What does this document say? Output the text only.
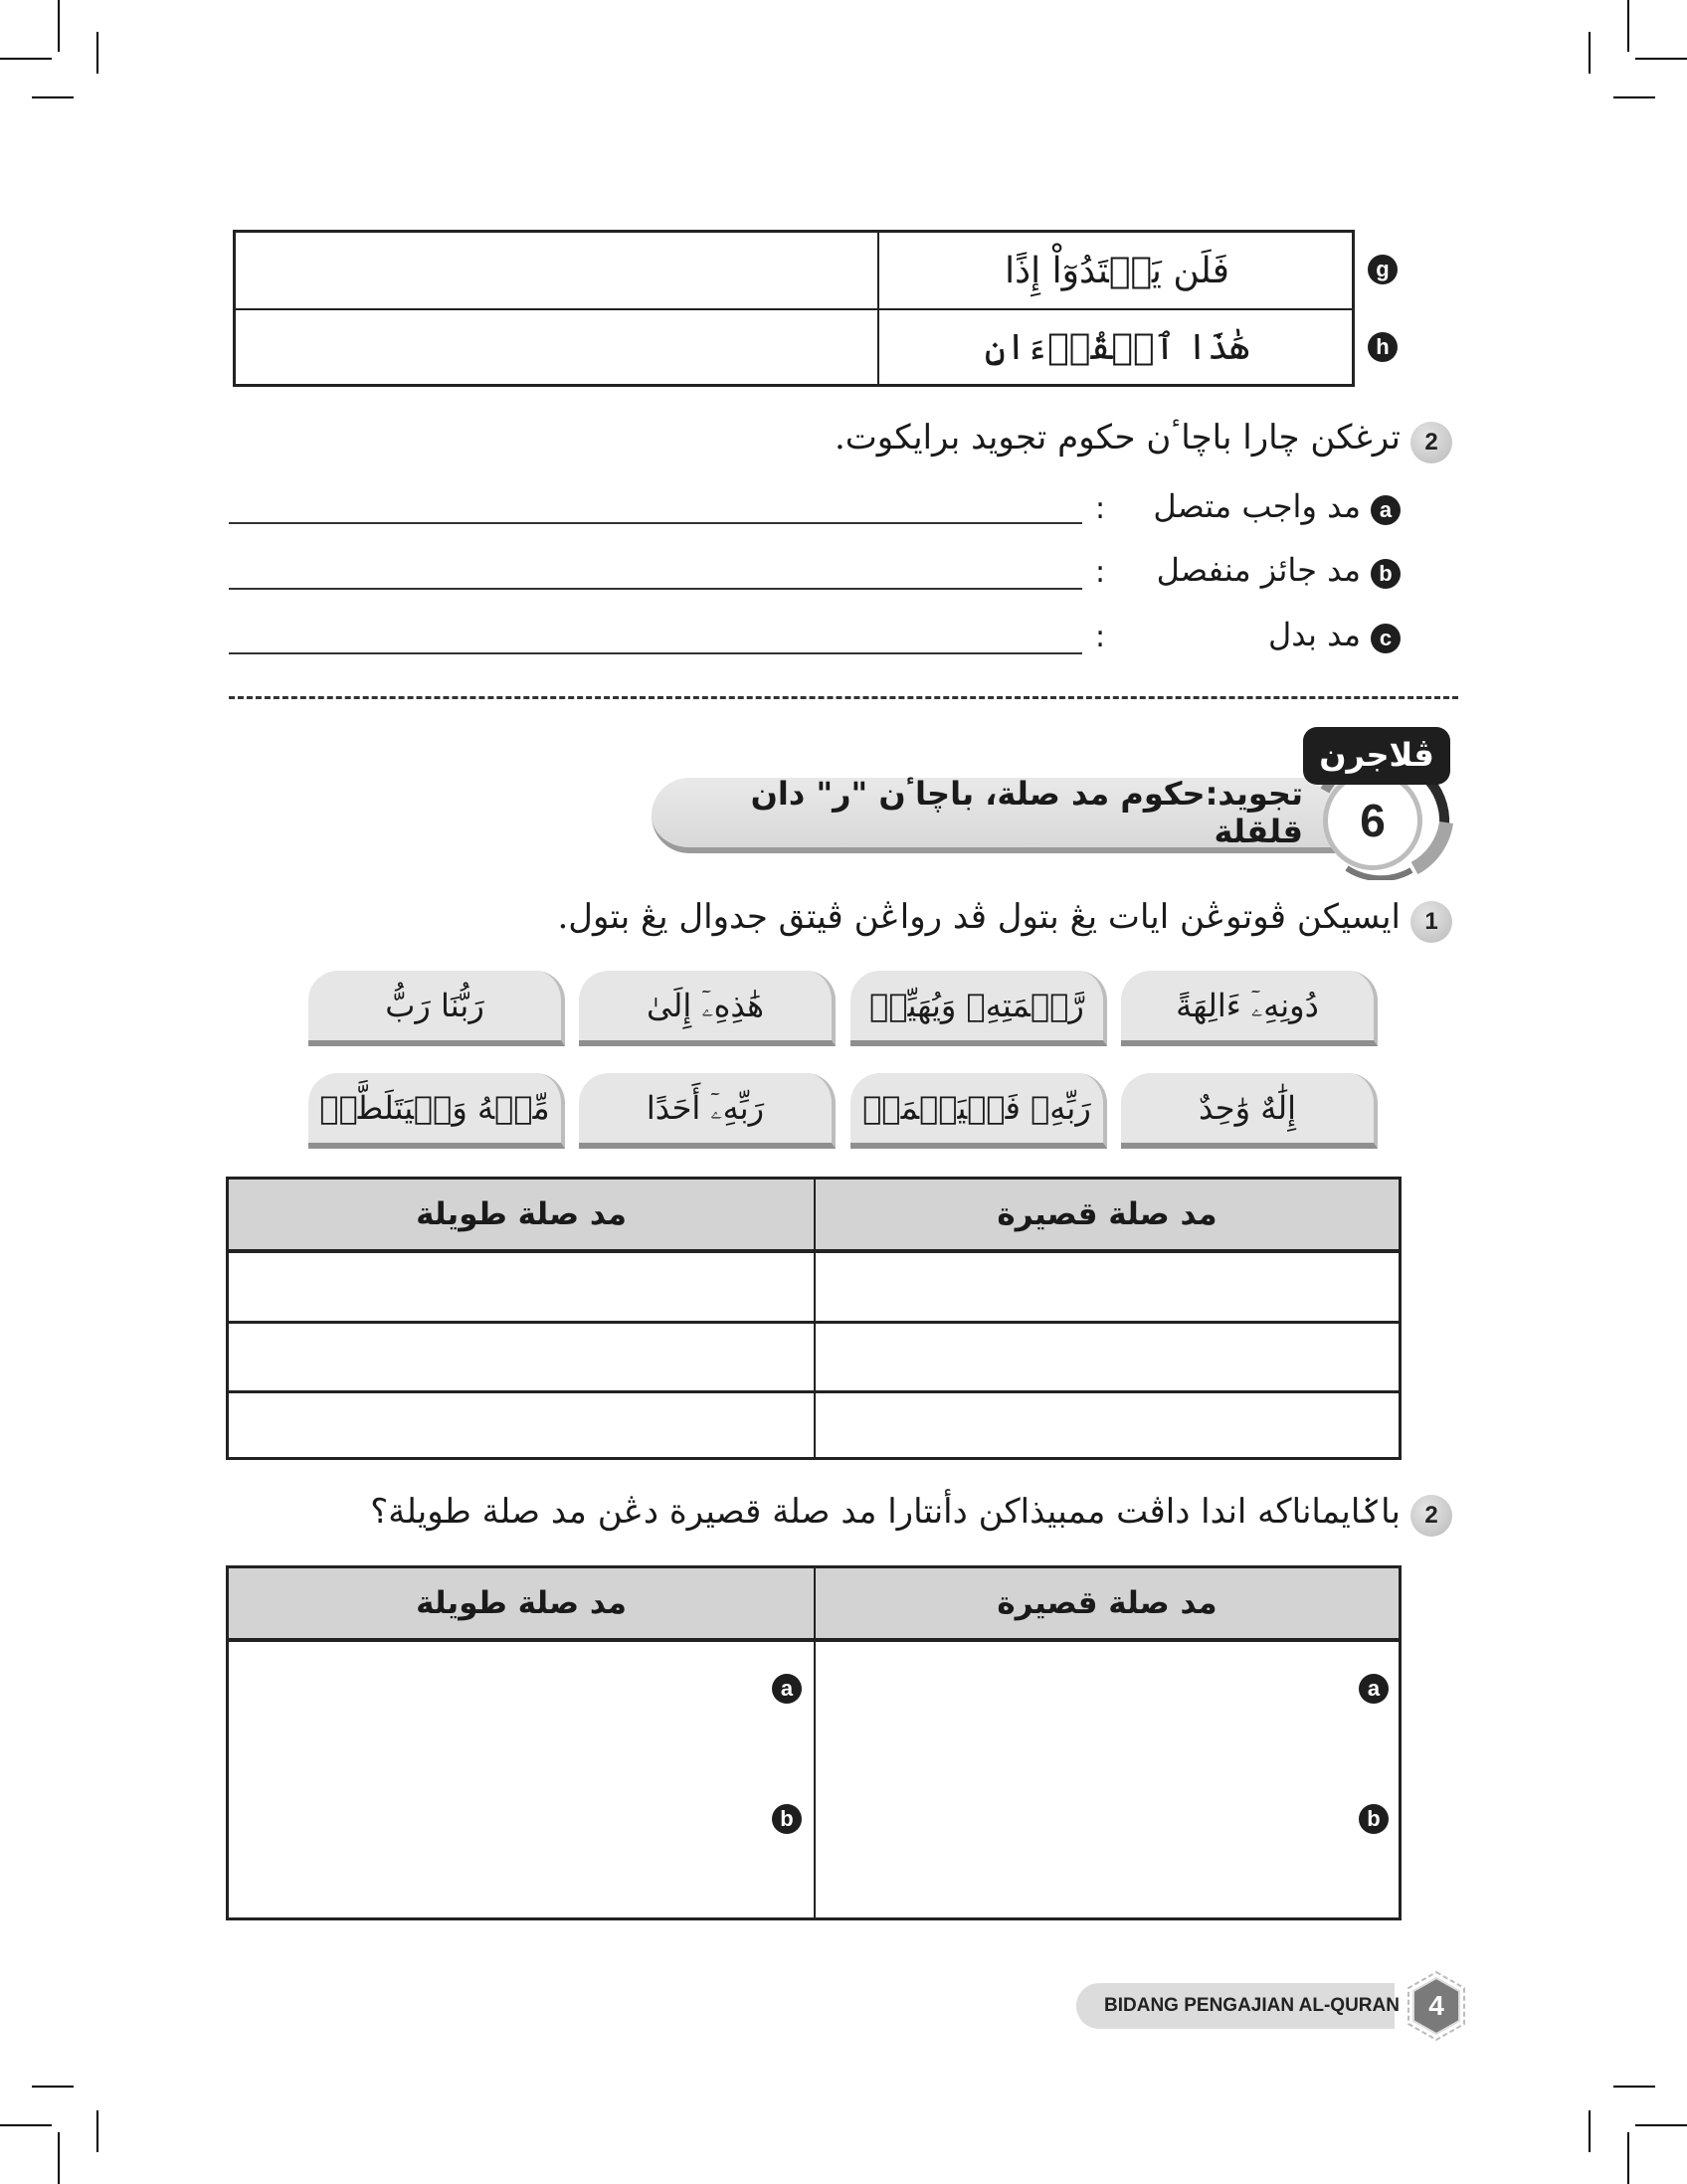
فَلَن يَهۡتَدُوٓاْ إِذًا
هَٰذَا ٱلۡقُرۡءَانِ
g
h
2
ترغکن چارا باچاٴن حکوم تجويد برايکوت.
a
مد واجب متصل
:
b
مد جائز منفصل
:
c
مد بدل
:
6
ڤلاجرن
تجويد:حکوم مد صلة، باچاٴن "ر" دان قلقلة
1
ايسيکن ڤوتوڠن ايات يڠ بتول ڤد رواڠن ڤيتق جدوال يڠ بتول.
دُونِهِۦٓ ءَالِهَةً
رَّحۡمَتِهِۦ وَيُهَيِّئۡ
هَٰذِهِۦٓ إِلَىٰ
رَبُّنَا رَبُّ
إِلَٰهٌ وَٰحِدٌ
رَبِّهِۦ فَلۡيَعۡمَلۡ
رَبِّهِۦٓ أَحَدًا
مِّنۡهُ وَلۡيَتَلَطَّفۡ
مد صلة قصيرة
مد صلة طويلة
2
باݢايماناکه اندا داڤت ممبيذاکن دأنتارا مد صلة قصيرة دڠن مد صلة طويلة؟
مد صلة قصيرة
مد صلة طويلة
a
b
a
b
BIDANG PENGAJIAN AL-QURAN	4
